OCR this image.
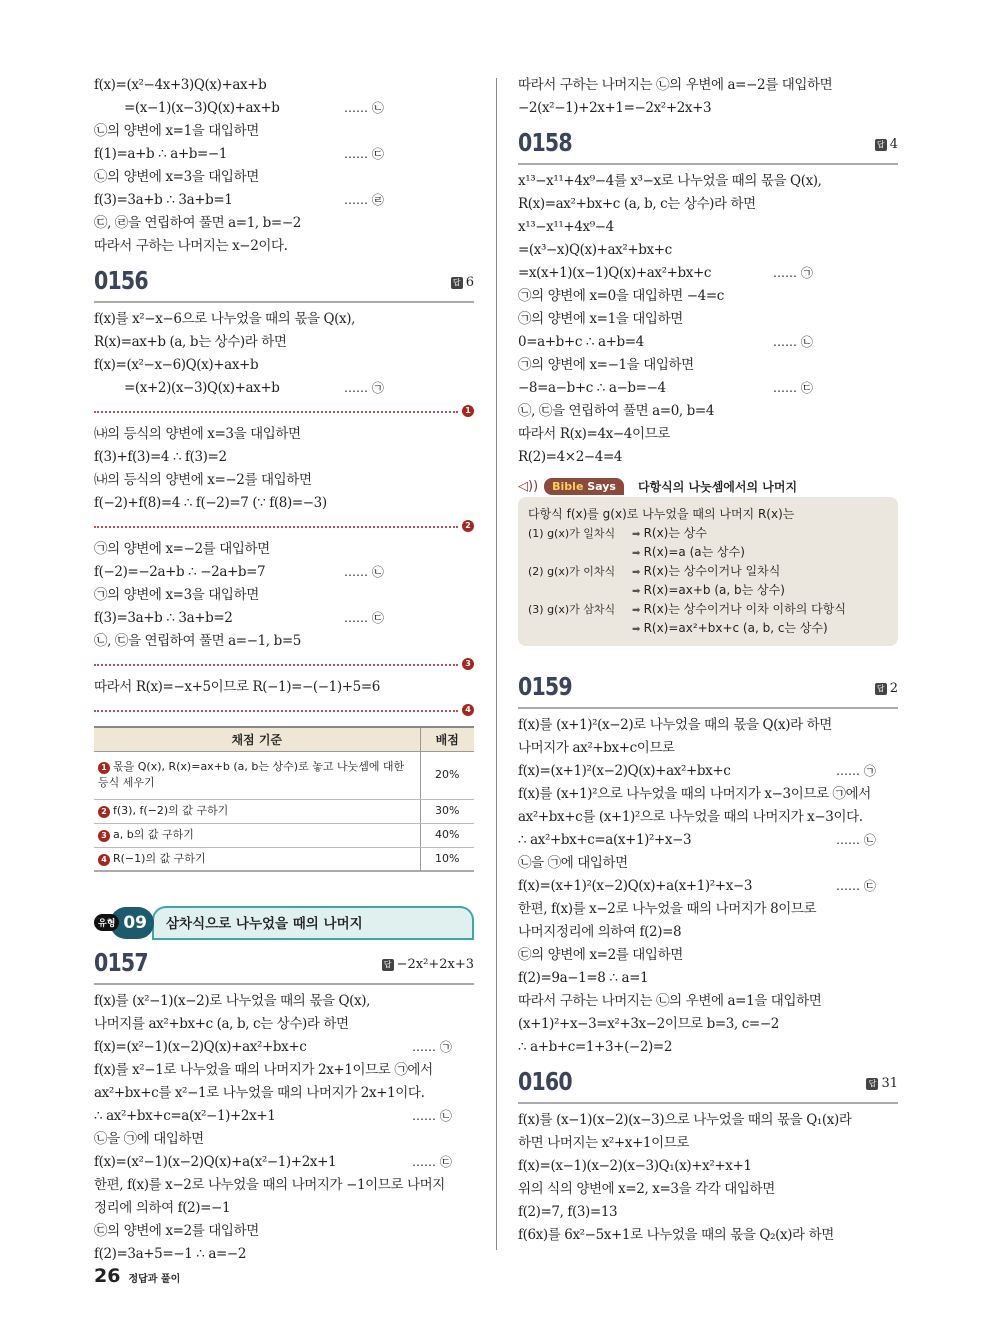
f(x)=(x²−4x+3)Q(x)+ax+b
=(x−1)(x−3)Q(x)+ax+b	…… ㉡
㉡의 양변에 x=1을 대입하면
f(1)=a+b ∴ a+b=−1	…… ㉢
㉡의 양변에 x=3을 대입하면
f(3)=3a+b ∴ 3a+b=1	…… ㉣
㉢, ㉣을 연립하여 풀면 a=1, b=−2
따라서 구하는 나머지는 x−2이다.
0156	답 6
f(x)를 x²−x−6으로 나누었을 때의 몫을 Q(x),
R(x)=ax+b (a, b는 상수)라 하면
f(x)=(x²−x−6)Q(x)+ax+b
=(x+2)(x−3)Q(x)+ax+b	…… ㉠
1
㈏의 등식의 양변에 x=3을 대입하면
f(3)+f(3)=4 ∴ f(3)=2
㈏의 등식의 양변에 x=−2를 대입하면
f(−2)+f(8)=4 ∴ f(−2)=7 (∵ f(8)=−3)
2
㉠의 양변에 x=−2를 대입하면
f(−2)=−2a+b ∴ −2a+b=7	…… ㉡
㉠의 양변에 x=3을 대입하면
f(3)=3a+b ∴ 3a+b=2	…… ㉢
㉡, ㉢을 연립하여 풀면 a=−1, b=5
3
따라서 R(x)=−x+5이므로 R(−1)=−(−1)+5=6
4
채점 기준	배점
1 몫을 Q(x), R(x)=ax+b (a, b는 상수)로 놓고 나눗셈에 대한 등식 세우기	20%
2 f(3), f(−2)의 값 구하기	30%
3 a, b의 값 구하기	40%
4 R(−1)의 값 구하기	10%
유형 09	삼차식으로 나누었을 때의 나머지
0157	답 −2x²+2x+3
f(x)를 (x²−1)(x−2)로 나누었을 때의 몫을 Q(x),
나머지를 ax²+bx+c (a, b, c는 상수)라 하면
f(x)=(x²−1)(x−2)Q(x)+ax²+bx+c	…… ㉠
f(x)를 x²−1로 나누었을 때의 나머지가 2x+1이므로 ㉠에서
ax²+bx+c를 x²−1로 나누었을 때의 나머지가 2x+1이다.
∴ ax²+bx+c=a(x²−1)+2x+1	…… ㉡
㉡을 ㉠에 대입하면
f(x)=(x²−1)(x−2)Q(x)+a(x²−1)+2x+1	…… ㉢
한편, f(x)를 x−2로 나누었을 때의 나머지가 −1이므로 나머지
정리에 의하여 f(2)=−1
㉢의 양변에 x=2를 대입하면
f(2)=3a+5=−1 ∴ a=−2
따라서 구하는 나머지는 ㉡의 우변에 a=−2를 대입하면
−2(x²−1)+2x+1=−2x²+2x+3
0158	답 4
x¹³−x¹¹+4x⁹−4를 x³−x로 나누었을 때의 몫을 Q(x),
R(x)=ax²+bx+c (a, b, c는 상수)라 하면
x¹³−x¹¹+4x⁹−4
=(x³−x)Q(x)+ax²+bx+c
=x(x+1)(x−1)Q(x)+ax²+bx+c	…… ㉠
㉠의 양변에 x=0을 대입하면 −4=c
㉠의 양변에 x=1을 대입하면
0=a+b+c ∴ a+b=4	…… ㉡
㉠의 양변에 x=−1을 대입하면
−8=a−b+c ∴ a−b=−4	…… ㉢
㉡, ㉢을 연립하여 풀면 a=0, b=4
따라서 R(x)=4x−4이므로
R(2)=4×2−4=4
◁))	Bible Says	다항식의 나눗셈에서의 나머지
다항식 f(x)를 g(x)로 나누었을 때의 나머지 R(x)는
(1) g(x)가 일차식 ➡ R(x)는 상수
➡ R(x)=a (a는 상수)
(2) g(x)가 이차식 ➡ R(x)는 상수이거나 일차식
➡ R(x)=ax+b (a, b는 상수)
(3) g(x)가 삼차식 ➡ R(x)는 상수이거나 이차 이하의 다항식
➡ R(x)=ax²+bx+c (a, b, c는 상수)
0159	답 2
f(x)를 (x+1)²(x−2)로 나누었을 때의 몫을 Q(x)라 하면
나머지가 ax²+bx+c이므로
f(x)=(x+1)²(x−2)Q(x)+ax²+bx+c	…… ㉠
f(x)를 (x+1)²으로 나누었을 때의 나머지가 x−3이므로 ㉠에서
ax²+bx+c를 (x+1)²으로 나누었을 때의 나머지가 x−3이다.
∴ ax²+bx+c=a(x+1)²+x−3	…… ㉡
㉡을 ㉠에 대입하면
f(x)=(x+1)²(x−2)Q(x)+a(x+1)²+x−3	…… ㉢
한편, f(x)를 x−2로 나누었을 때의 나머지가 8이므로
나머지정리에 의하여 f(2)=8
㉢의 양변에 x=2를 대입하면
f(2)=9a−1=8 ∴ a=1
따라서 구하는 나머지는 ㉡의 우변에 a=1을 대입하면
(x+1)²+x−3=x²+3x−2이므로 b=3, c=−2
∴ a+b+c=1+3+(−2)=2
0160	답 31
f(x)를 (x−1)(x−2)(x−3)으로 나누었을 때의 몫을 Q₁(x)라
하면 나머지는 x²+x+1이므로
f(x)=(x−1)(x−2)(x−3)Q₁(x)+x²+x+1
위의 식의 양변에 x=2, x=3을 각각 대입하면
f(2)=7, f(3)=13
f(6x)를 6x²−5x+1로 나누었을 때의 몫을 Q₂(x)라 하면
26 정답과 풀이
